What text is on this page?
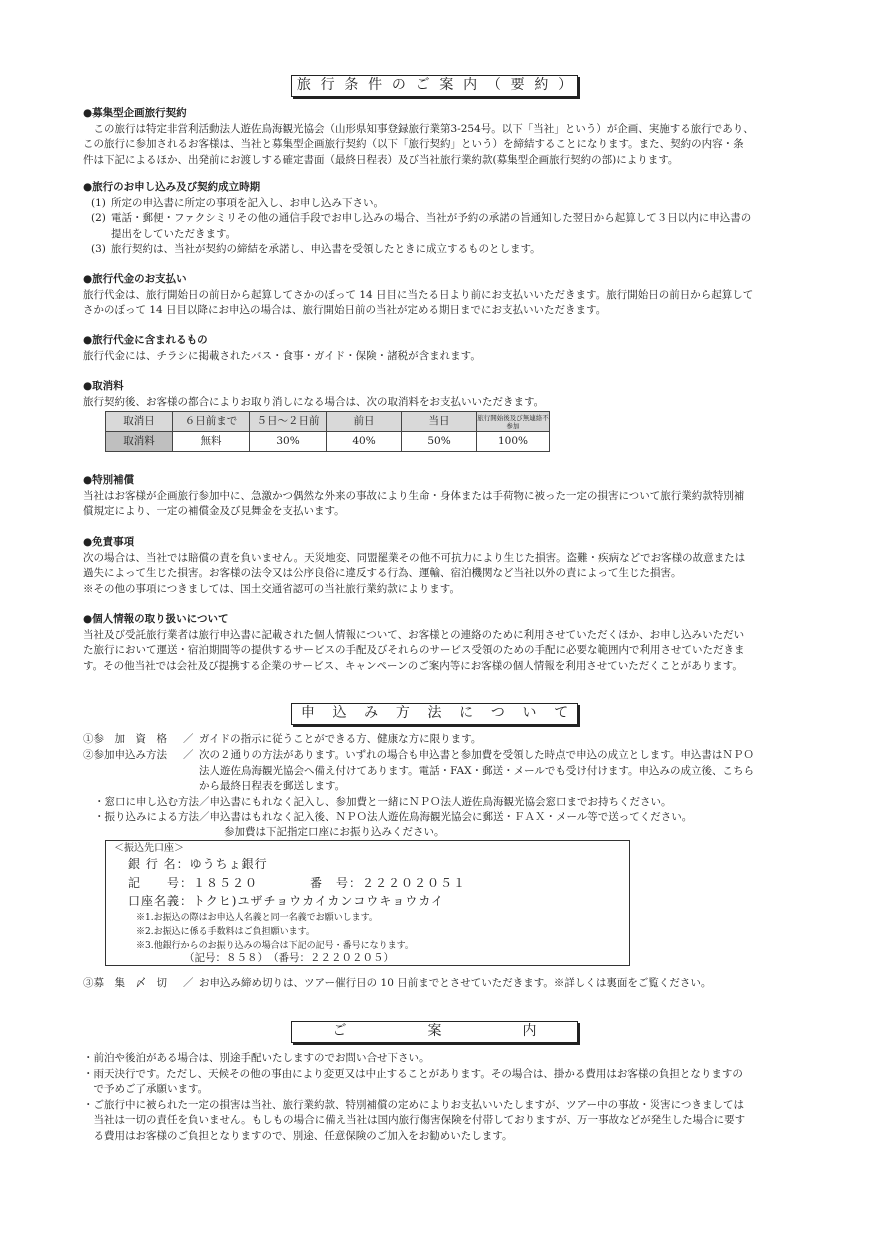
旅 行 条 件 の ご 案 内 （ 要 約 ）
●募集型企画旅行契約

　この旅行は特定非営利活動法人遊佐鳥海観光協会（山形県知事登録旅行業第3-254号。以下「当社」という）が企画、実施する旅行であり、

この旅行に参加されるお客様は、当社と募集型企画旅行契約（以下「旅行契約」という）を締結することになります。また、契約の内容・条

件は下記によるほか、出発前にお渡しする確定書面（最終日程表）及び当社旅行業約款(募集型企画旅行契約の部)によります。

●旅行のお申し込み及び契約成立時期
(1) 所定の申込書に所定の事項を記入し、お申し込み下さい。
(2) 電話・郵便・ファクシミリその他の通信手段でお申し込みの場合、当社が予約の承諾の旨通知した翌日から起算して３日以内に申込書の
提出をしていただきます。
(3) 旅行契約は、当社が契約の締結を承諾し、申込書を受領したときに成立するものとします。
●旅行代金のお支払い

旅行代金は、旅行開始日の前日から起算してさかのぼって 14 日目に当たる日より前にお支払いいただきます。旅行開始日の前日から起算して

さかのぼって 14 日目以降にお申込の場合は、旅行開始日前の当社が定める期日までにお支払いいただきます。

●旅行代金に含まれるもの

旅行代金には、チラシに掲載されたバス・食事・ガイド・保険・諸税が含まれます。

●取消料

旅行契約後、お客様の都合によりお取り消しになる場合は、次の取消料をお支払いいただきます。

取消日	６日前まで	５日～２日前	前日	当日	旅行開始後及び無連絡不参加
取消料	無料	30%	40%	50%	100%
●特別補償

当社はお客様が企画旅行参加中に、急激かつ偶然な外来の事故により生命・身体または手荷物に被った一定の損害について旅行業約款特別補

償規定により、一定の補償金及び見舞金を支払います。

●免責事項

次の場合は、当社では賠償の責を負いません。天災地変、同盟罷業その他不可抗力により生じた損害。盗難・疾病などでお客様の故意または

過失によって生じた損害。お客様の法令又は公序良俗に違反する行為、運輸、宿泊機関など当社以外の責によって生じた損害。

※その他の事項につきましては、国土交通省認可の当社旅行業約款によります。

●個人情報の取り扱いについて

当社及び受託旅行業者は旅行申込書に記載された個人情報について、お客様との連絡のために利用させていただくほか、お申し込みいただい

た旅行において運送・宿泊期間等の提供するサービスの手配及びそれらのサービス受領のための手配に必要な範囲内で利用させていただきま

す。その他当社では会社及び提携する企業のサービス、キャンペーンのご案内等にお客様の個人情報を利用させていただくことがあります。

申	込	み	方	法	に	つ	い	て
①参　加　資　格 ／ ガイドの指示に従うことができる方、健康な方に限ります。
②参加申込み方法 ／ 次の２通りの方法があります。いずれの場合も申込書と参加費を受領した時点で申込の成立とします。申込書はＮＰＯ
法人遊佐鳥海観光協会へ備え付けてあります。電話・FAX・郵送・メールでも受け付けます。申込みの成立後、こちら
から最終日程表を郵送します。
・窓口に申し込む方法／申込書にもれなく記入し、参加費と一緒にＮＰＯ法人遊佐鳥海観光協会窓口までお持ちください。
・振り込みによる方法／申込書はもれなく記入後、ＮＰＯ法人遊佐鳥海観光協会に郵送・ＦＡＸ・メール等で送ってください。
参加費は下記指定口座にお振り込みください。
＜振込先口座＞
銀 行 名：ゆうちょ銀行
記　　号：１８５２０　　　　番　号：２２２０２０５１
口座名義：トクヒ)ユザチョウカイカンコウキョウカイ
※1.お振込の際はお申込人名義と同一名義でお願いします。
※2.お振込に係る手数料はご負担願います。
※3.他銀行からのお振り込みの場合は下記の記号・番号になります。
（記号：８５８）　（番号：２２２０２０５）
③募　集　〆　切 ／ お申込み締め切りは、ツアー催行日の 10 日前までとさせていただきます。※詳しくは裏面をご覧ください。
ご	案	内

・前泊や後泊がある場合は、別途手配いたしますのでお問い合せ下さい。

・雨天決行です。ただし、天候その他の事由により変更又は中止することがあります。その場合は、掛かる費用はお客様の負担となりますの

　で予めご了承願います。

・ご旅行中に被られた一定の損害は当社、旅行業約款、特別補償の定めによりお支払いいたしますが、ツアー中の事故・災害につきましては

　当社は一切の責任を負いません。もしもの場合に備え当社は国内旅行傷害保険を付帯しておりますが、万一事故などが発生した場合に要す

　る費用はお客様のご負担となりますので、別途、任意保険のご加入をお勧めいたします。
